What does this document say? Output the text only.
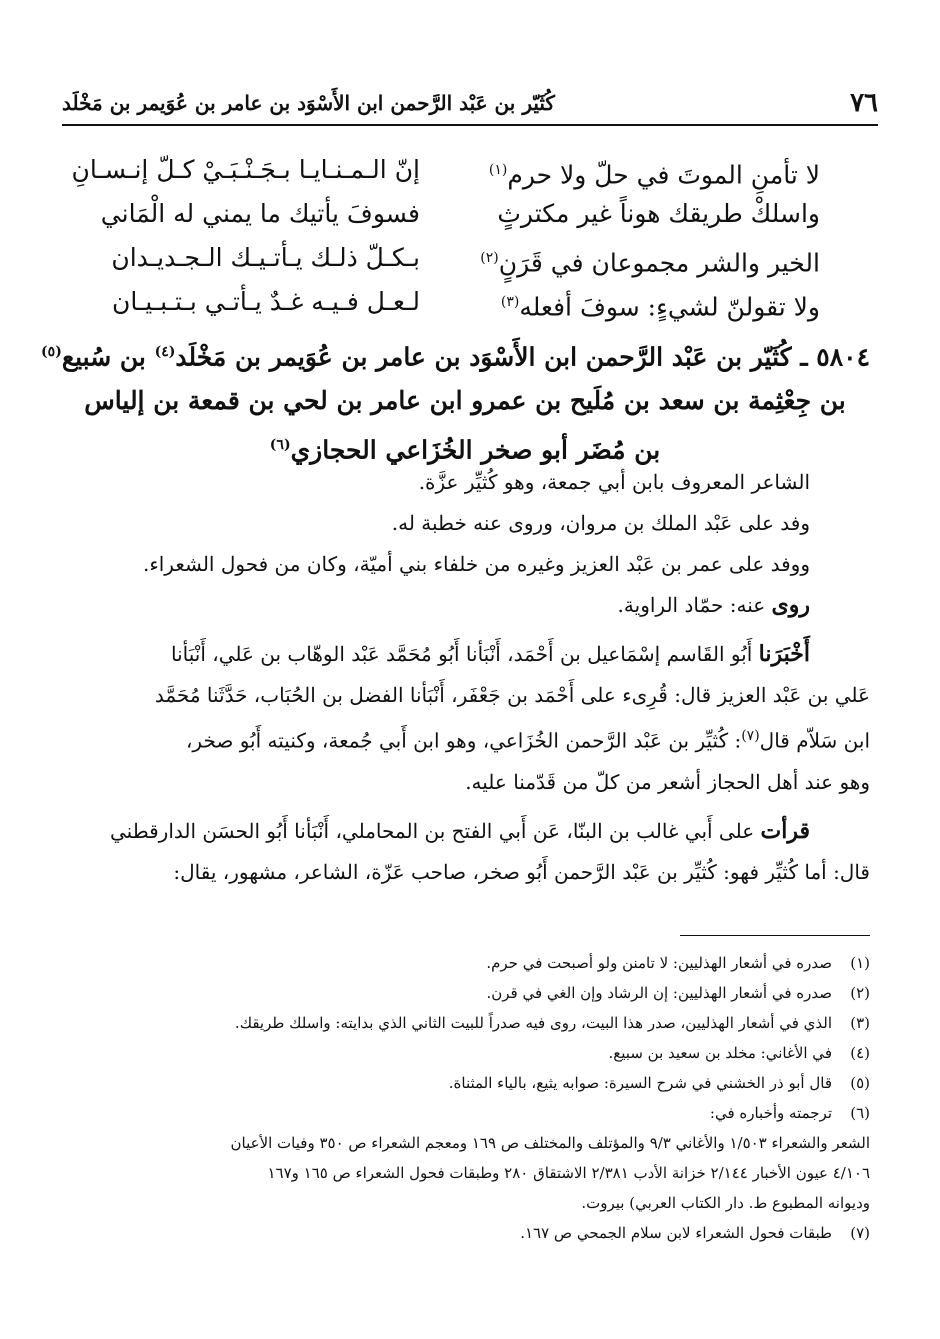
٧٦
كُثَيّر بن عَبْد الرَّحمن ابن الأَسْوَد بن عامر بن عُوَيمر بن مَخْلَد
لا تأمنِ الموتَ في حلّ ولا حرم$^{(١)}$
إنّ الـمـنـايـا بـجَـنْـبَـيْ كـلّ إنـسـانِ
واسلكْ طريقك هوناً غير مكترثٍ
فسوفَ يأتيك ما يمني له الْمَاني
الخير والشر مجموعان في قَرَنٍ$^{(٢)}$
بـكـلّ ذلـك يـأتـيـك الـجـديـدان
ولا تقولنّ لشيءٍ: سوفَ أفعله$^{(٣)}$
لـعـل فـيـه غـدٌ يـأتـي بـتـبـيـان
٥٨٠٤ ـ كُثَيّر بن عَبْد الرَّحمن ابن الأَسْوَد بن عامر بن عُوَيمر بن مَخْلَد$^{(٤)}$ بن سُبيع$^{(٥)}$
بن جِعْثِمة بن سعد بن مُلَيح بن عمرو ابن عامر بن لحي بن قمعة بن إلياس
بن مُضَر أبو صخر الخُزَاعي الحجازي$^{(٦)}$

الشاعر المعروف بابن أبي جمعة، وهو كُثيِّر عزَّة.

وفد على عَبْد الملك بن مروان، وروى عنه خطبة له.

ووفد على عمر بن عَبْد العزيز وغيره من خلفاء بني أميّة، وكان من فحول الشعراء.

روى عنه: حمّاد الراوية.

أَخْبَرَنا أَبُو القَاسم إسْمَاعيل بن أَحْمَد، أَنْبَأنا أَبُو مُحَمَّد عَبْد الوهّاب بن عَلي، أَنْبَأنا

عَلي بن عَبْد العزيز قال: قُرِىء على أَحْمَد بن جَعْفَر، أَنْبَأنا الفضل بن الحُبَاب، حَدَّثَنا مُحَمَّد

ابن سَلاّم قال$^{(٧)}$: كُثيِّر بن عَبْد الرَّحمن الخُزَاعي، وهو ابن أَبي جُمعة، وكنيته أَبُو صخر،

وهو عند أهل الحجاز أشعر من كلّ من قَدّمنا عليه.

قرأت على أَبي غالب بن البنّا، عَن أَبي الفتح بن المحاملي، أَنْبَأنا أَبُو الحسَن الدارقطني

قال: أما كُثيِّر فهو: كُثيِّر بن عَبْد الرَّحمن أَبُو صخر، صاحب عَزّة، الشاعر، مشهور، يقال:

(١)
صدره في أشعار الهذليين: لا تامنن ولو أصبحت في حرم.
(٢)
صدره في أشعار الهذليين: إن الرشاد وإن الغي في قرن.
(٣)
الذي في أشعار الهذليين، صدر هذا البيت، روى فيه صدراً للبيت الثاني الذي بدايته: واسلك طريقك.
(٤)
في الأغاني: مخلد بن سعيد بن سبيع.
(٥)
قال أبو ذر الخشني في شرح السيرة: صوابه يثيع، بالياء المثناة.
(٦)
ترجمته وأخباره في:
الشعر والشعراء ١/٥٠٣ والأغاني ٩/٣ والمؤتلف والمختلف ص ١٦٩ ومعجم الشعراء ص ٣٥٠ وفيات الأعيان
٤/١٠٦ عيون الأخبار ٢/١٤٤ خزانة الأدب ٢/٣٨١ الاشتقاق ٢٨٠ وطبقات فحول الشعراء ص ١٦٥ و١٦٧
وديوانه المطبوع ط. دار الكتاب العربي) بيروت.
(٧)
طبقات فحول الشعراء لابن سلام الجمحي ص ١٦٧.
